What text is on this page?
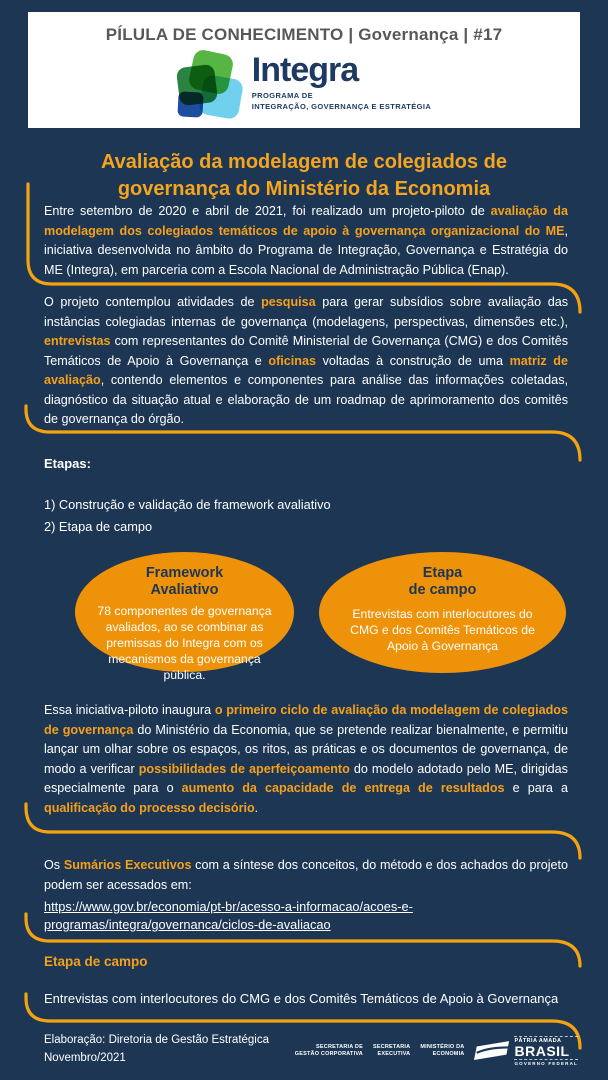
PÍLULA DE CONHECIMENTO | Governança | #17
Integra
PROGRAMA DE
INTEGRAÇÃO, GOVERNANÇA E ESTRATÉGIA
Avaliação da modelagem de colegiados de
governança do Ministério da Economia

Entre setembro de 2020 e abril de 2021, foi realizado um projeto-piloto de avaliação da modelagem dos colegiados temáticos de apoio à governança organizacional do ME, iniciativa desenvolvida no âmbito do Programa de Integração, Governança e Estratégia do ME (Integra), em parceria com a Escola Nacional de Administração Pública (Enap).

O projeto contemplou atividades de pesquisa para gerar subsídios sobre avaliação das instâncias colegiadas internas de governança (modelagens, perspectivas, dimensões etc.), entrevistas com representantes do Comitê Ministerial de Governança (CMG) e dos Comitês Temáticos de Apoio à Governança e oficinas voltadas à construção de uma matriz de avaliação, contendo elementos e componentes para análise das informações coletadas, diagnóstico da situação atual e elaboração de um roadmap de aprimoramento dos comitês de governança do órgão.

Etapas:
1) Construção e validação de framework avaliativo
2) Etapa de campo
Framework
Avaliativo
78 componentes de governança avaliados, ao se combinar as premissas do Integra com os mecanismos da governança pública.
Etapa
de campo
Entrevistas com interlocutores do CMG e dos Comitês Temáticos de Apoio à Governança

Essa iniciativa-piloto inaugura o primeiro ciclo de avaliação da modelagem de colegiados de governança do Ministério da Economia, que se pretende realizar bienalmente, e permitiu lançar um olhar sobre os espaços, os ritos, as práticas e os documentos de governança, de modo a verificar possibilidades de aperfeiçoamento do modelo adotado pelo ME, dirigidas especialmente para o aumento da capacidade de entrega de resultados e para a qualificação do processo decisório.

Os Sumários Executivos com a síntese dos conceitos, do método e dos achados do projeto podem ser acessados em:

https://www.gov.br/economia/pt-br/acesso-a-informacao/acoes-e-programas/integra/governanca/ciclos-de-avaliacao
Etapa de campo
Entrevistas com interlocutores do CMG e dos Comitês Temáticos de Apoio à Governança
Elaboração: Diretoria de Gestão Estratégica
Novembro/2021
SECRETARIA DE
GESTÃO CORPORATIVA
SECRETARIA
EXECUTIVA
MINISTÉRIO DA
ECONOMIA
PÁTRIA AMADA
BRASIL
GOVERNO FEDERAL
